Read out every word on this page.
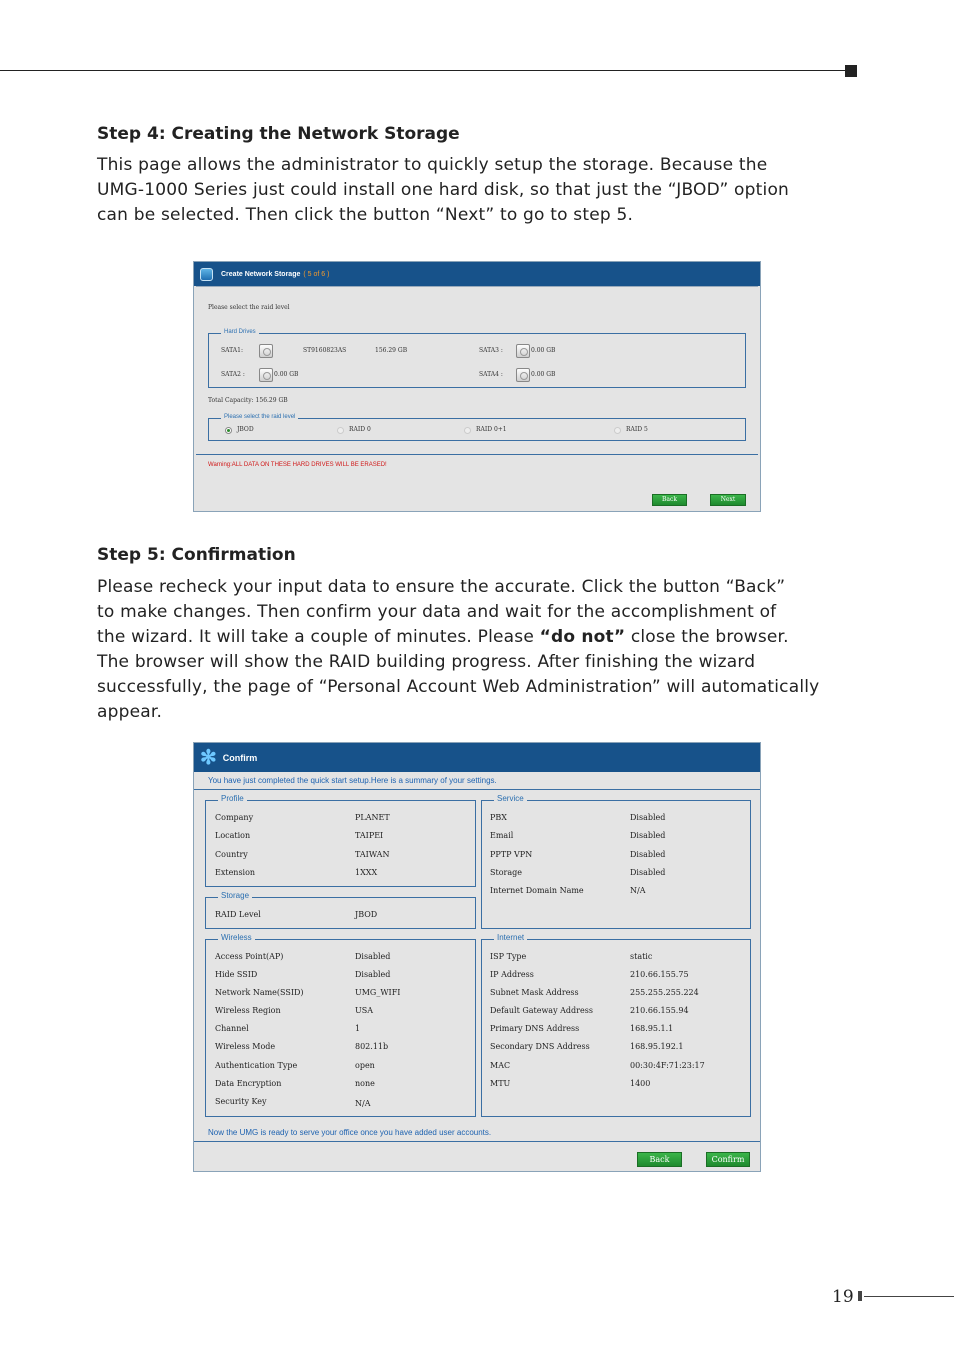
Step 4: Creating the Network Storage
This page allows the administrator to quickly setup the storage. Because the
UMG-1000 Series just could install one hard disk, so that just the “JBOD” option
can be selected. Then click the button “Next” to go to step 5.
Create Network Storage ( 5 of 6 )
Please select the raid level
Hard Drives
SATA1:	ST9160823AS	156.29 GB	SATA3 :	0.00 GB
SATA2 :	0.00 GB	SATA4 :	0.00 GB
Total Capacity: 156.29 GB
Please select the raid level
JBOD	RAID 0	RAID 0+1	RAID 5
Warning:ALL DATA ON THESE HARD DRIVES WILL BE ERASED!
Back	Next
Step 5: Confirmation
Please recheck your input data to ensure the accurate. Click the button “Back”
to make changes. Then confirm your data and wait for the accomplishment of
the wizard. It will take a couple of minutes. Please “do not” close the browser.
The browser will show the RAID building progress. After finishing the wizard
successfully, the page of “Personal Account Web Administration” will automatically
appear.
✻ Confirm
You have just completed the quick start setup.Here is a summary of your settings.
Profile
Company	PLANET
Location	TAIPEI
Country	TAIWAN
Extension	1XXX
Storage
RAID Level	JBOD
Service
PBX	Disabled
Email	Disabled
PPTP VPN	Disabled
Storage	Disabled
Internet Domain Name	N/A
Wireless
Access Point(AP)	Disabled
Hide SSID	Disabled
Network Name(SSID)	UMG_WIFI
Wireless Region	USA
Channel	1
Wireless Mode	802.11b
Authentication Type	open
Data Encryption	none
Security Key	N/A
Internet
ISP Type	static
IP Address	210.66.155.75
Subnet Mask Address	255.255.255.224
Default Gateway Address	210.66.155.94
Primary DNS Address	168.95.1.1
Secondary DNS Address	168.95.192.1
MAC	00:30:4F:71:23:17
MTU	1400
Now the UMG is ready to serve your office once you have added user accounts.
Back	Confirm
19
